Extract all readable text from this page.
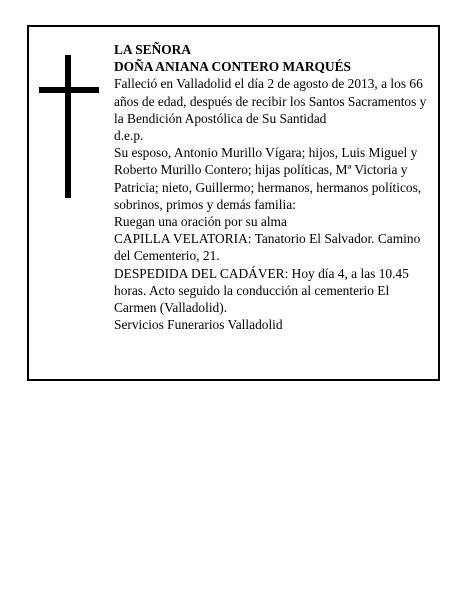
LA SEÑORA

DOÑA ANIANA CONTERO MARQUÉS

Falleció en Valladolid el día 2 de agosto de 2013, a los 66 años de edad, después de recibir los Santos Sacramentos y la Bendición Apostólica de Su Santidad

d.e.p.

Su esposo, Antonio Murillo Vígara; hijos, Luis Miguel y Roberto Murillo Contero; hijas políticas, Mª Victoria y Patricia; nieto, Guillermo; hermanos, hermanos políticos, sobrinos, primos y demás familia:

Ruegan una oración por su alma

CAPILLA VELATORIA: Tanatorio El Salvador. Camino del Cementerio, 21.

DESPEDIDA DEL CADÁVER: Hoy día 4, a las 10.45 horas. Acto seguido la conducción al cementerio El Carmen (Valladolid).

Servicios Funerarios Valladolid
